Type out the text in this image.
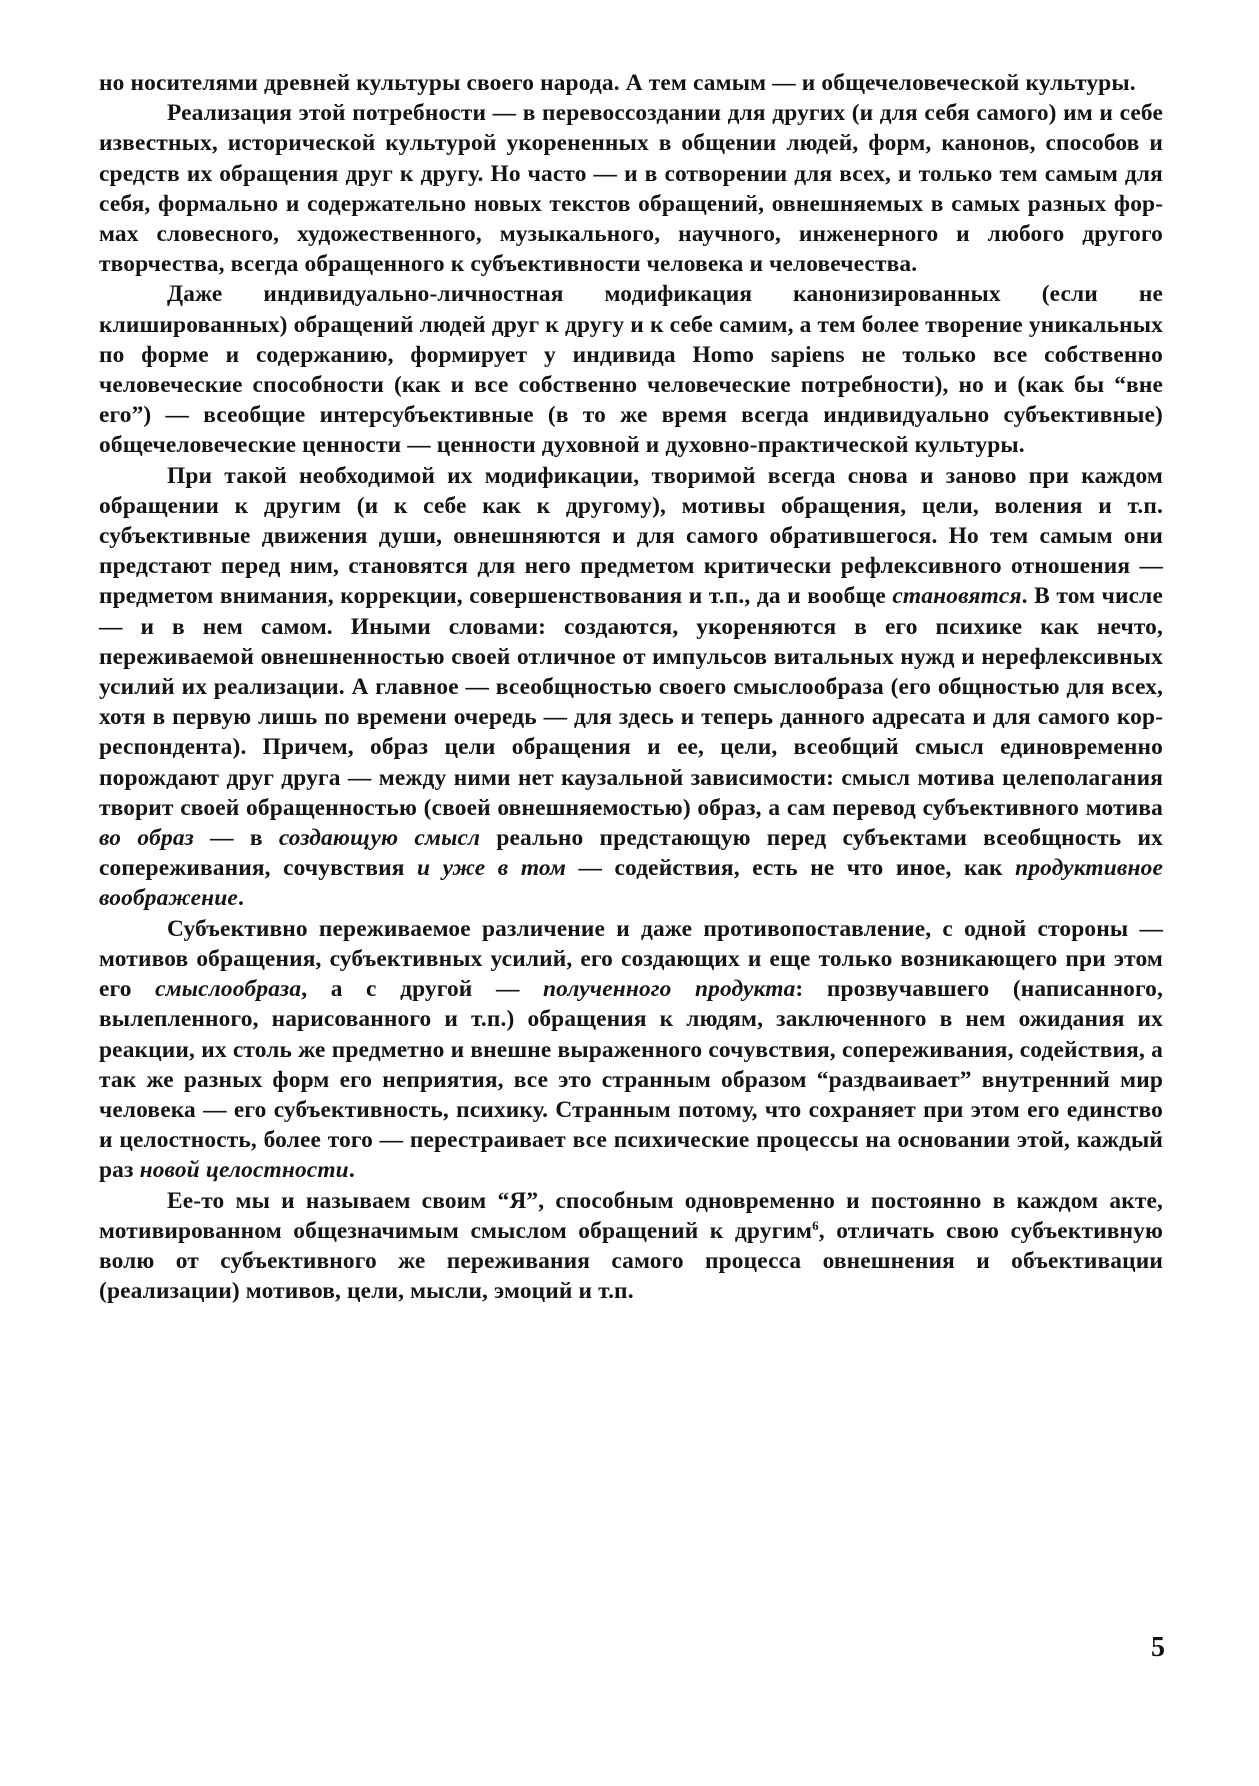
но носителями древней культуры своего народа. А тем самым — и общечеловеческой культуры.

Реализация этой потребности — в перевоссоздании для других (и для себя самого) им и себе известных, исторической культурой укорененных в общении людей, форм, канонов, способов и средств их обращения друг к другу. Но часто — и в сотворении для всех, и только тем самым для себя, формально и содержательно новых текстов обращений, овнешняемых в самых разных формах словесного, художественного, музыкального, научного, инженерного и любого другого творчества, всегда обращенного к субъективности человека и человечества.

Даже индивидуально-личностная модификация канонизированных (если не клишированных) обращений людей друг к другу и к себе самим, а тем более творение уникальных по форме и содержанию, формирует у индивида Homo sapiens не только все собственно человеческие способности (как и все собственно человеческие потребности), но и (как бы “вне его”) — всеобщие интерсубъективные (в то же время всегда индивидуально субъективные) общечеловеческие ценности — ценности духовной и духовно-практической культуры.

При такой необходимой их модификации, творимой всегда снова и заново при каждом обращении к другим (и к себе как к другому), мотивы обращения, цели, воления и т.п. субъективные движения души, овнешняются и для самого обратившегося. Но тем самым они предстают перед ним, становятся для него предметом критически рефлексивного отношения — предметом внимания, коррекции, совершенствования и т.п., да и вообще становятся. В том числе — и в нем самом. Иными словами: создаются, укореняются в его психике как нечто, переживаемой овнешненностью своей отличное от импульсов витальных нужд и нерефлексивных усилий их реализации. А главное — всеобщностью своего смыслообраза (его общностью для всех, хотя в первую лишь по времени очередь — для здесь и теперь данного адресата и для самого корреспондента). Причем, образ цели обращения и ее, цели, всеобщий смысл единовременно порождают друг друга — между ними нет каузальной зависимости: смысл мотива целеполагания творит своей обращенностью (своей овнешняемостью) образ, а сам перевод субъективного мотива во образ — в создающую смысл реально предстающую перед субъектами всеобщность их сопереживания, сочувствия и уже в том — содействия, есть не что иное, как продуктивное воображение.

Субъективно переживаемое различение и даже противопоставление, с одной стороны — мотивов обращения, субъективных усилий, его создающих и еще только возникающего при этом его смыслообраза, а с другой — полученного продукта: прозвучавшего (написанного, вылепленного, нарисованного и т.п.) обращения к людям, заключенного в нем ожидания их реакции, их столь же предметно и внешне выраженного сочувствия, сопереживания, содействия, а так же разных форм его неприятия, все это странным образом “раздваивает” внутренний мир человека — его субъективность, психику. Странным потому, что сохраняет при этом его единство и целостность, более того — перестраивает все психические процессы на основании этой, каждый раз новой целостности.

Ее-то мы и называем своим “Я”, способным одновременно и постоянно в каждом акте, мотивированном общезначимым смыслом обращений к другим$^6$, отличать свою субъективную волю от субъективного же переживания самого процесса овнешнения и объективации (реализации) мотивов, цели, мысли, эмоций и т.п.

5
